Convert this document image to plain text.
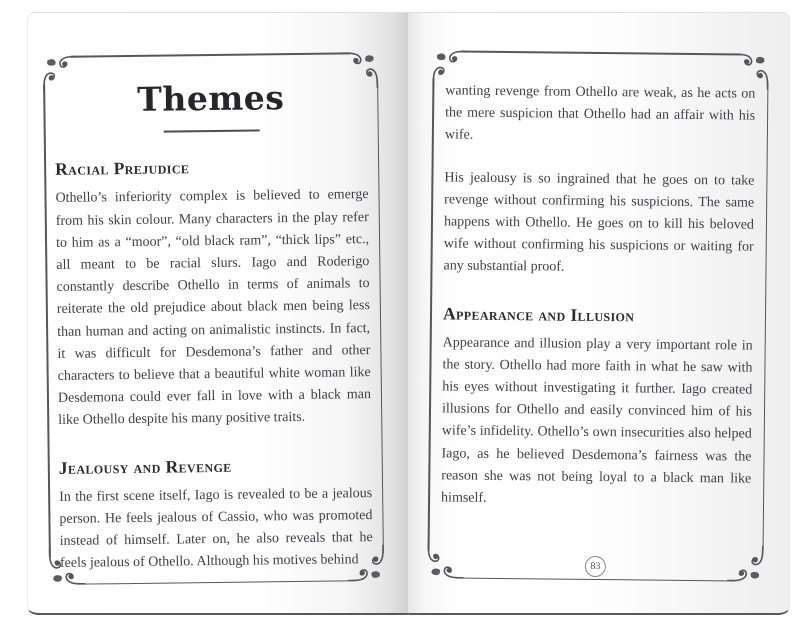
Themes
Racial Prejudice

Othello’s inferiority complex is believed to emerge from his skin colour. Many characters in the play refer to him as a “moor”, “old black ram”, “thick lips” etc., all meant to be racial slurs. Iago and Roderigo constantly describe Othello in terms of animals to reiterate the old prejudice about black men being less than human and acting on animalistic instincts. In fact, it was difficult for Desdemona’s father and other characters to believe that a beautiful white woman like Desdemona could ever fall in love with a black man like Othello despite his many positive traits.

Jealousy and Revenge

In the first scene itself, Iago is revealed to be a jealous person. He feels jealous of Cassio, who was promoted instead of himself. Later on, he also reveals that he feels jealous of Othello. Although his motives behind

wanting revenge from Othello are weak, as he acts on the mere suspicion that Othello had an affair with his wife.

His jealousy is so ingrained that he goes on to take revenge without confirming his suspicions. The same happens with Othello. He goes on to kill his beloved wife without confirming his suspicions or waiting for any substantial proof.

Appearance and Illusion

Appearance and illusion play a very important role in the story. Othello had more faith in what he saw with his eyes without investigating it further. Iago created illusions for Othello and easily convinced him of his wife’s infidelity. Othello’s own insecurities also helped Iago, as he believed Desdemona’s fairness was the reason she was not being loyal to a black man like himself.

83
